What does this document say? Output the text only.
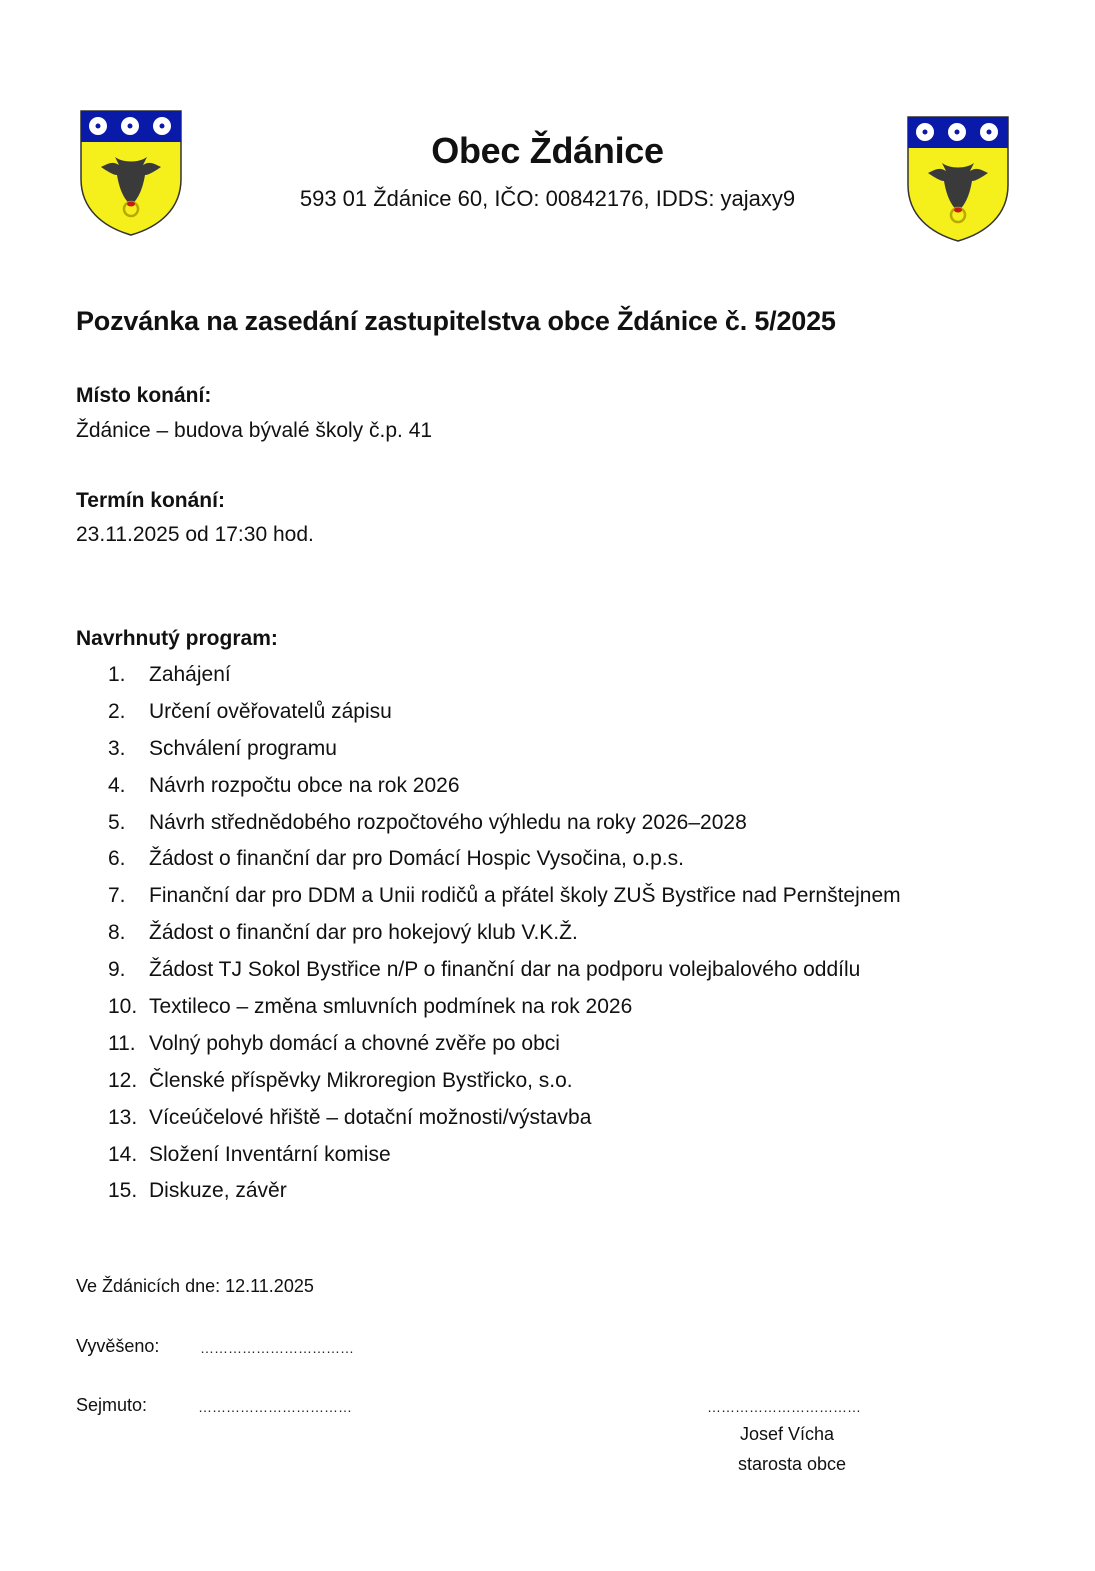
Obec Ždánice
593 01 Ždánice 60, IČO: 00842176, IDDS: yajaxy9
Pozvánka na zasedání zastupitelstva obce Ždánice č. 5/2025
Místo konání:
Ždánice – budova bývalé školy č.p. 41
Termín konání:
23.11.2025 od 17:30 hod.
Navrhnutý program:
1.	Zahájení
2.	Určení ověřovatelů zápisu
3.	Schválení programu
4.	Návrh rozpočtu obce na rok 2026
5.	Návrh střednědobého rozpočtového výhledu na roky 2026–2028
6.	Žádost o finanční dar pro Domácí Hospic Vysočina, o.p.s.
7.	Finanční dar pro DDM a Unii rodičů a přátel školy ZUŠ Bystřice nad Pernštejnem
8.	Žádost o finanční dar pro hokejový klub V.K.Ž.
9.	Žádost TJ Sokol Bystřice n/P o finanční dar na podporu volejbalového oddílu
10. Textileco – změna smluvních podmínek na rok 2026
11. Volný pohyb domácí a chovné zvěře po obci
12. Členské příspěvky Mikroregion Bystřicko, s.o.
13. Víceúčelové hřiště – dotační možnosti/výstavba
14. Složení Inventární komise
15. Diskuze, závěr
Ve Ždánicích dne: 12.11.2025
Vyvěšeno:	……………………………
Sejmuto:	……………………………	……………………………
Josef Vícha
starosta obce
